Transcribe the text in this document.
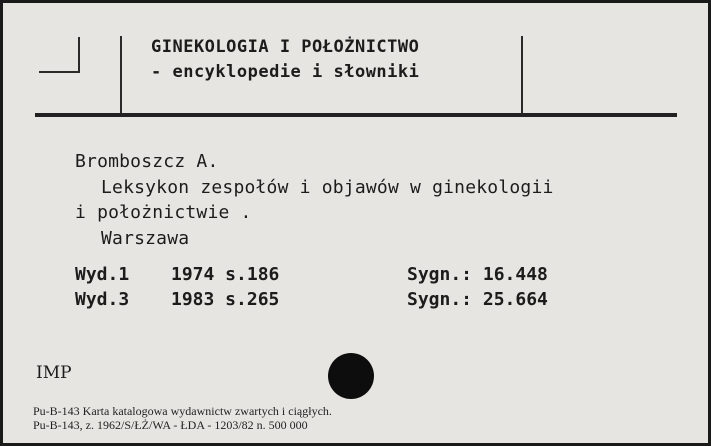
GINEKOLOGIA I POŁOŻNICTWO
- encyklopedie i słowniki
Bromboszcz A.
Leksykon zespołów i objawów w ginekologii
i położnictwie .
Warszawa
Wyd.1 1974 s.186	Sygn.: 16.448
Wyd.3 1983 s.265	Sygn.: 25.664
IMP
Pu-B-143 Karta katalogowa wydawnictw zwartych i ciągłych.
Pu-B-143, z. 1962/S/ŁŻ/WA - ŁDA - 1203/82 n. 500 000
